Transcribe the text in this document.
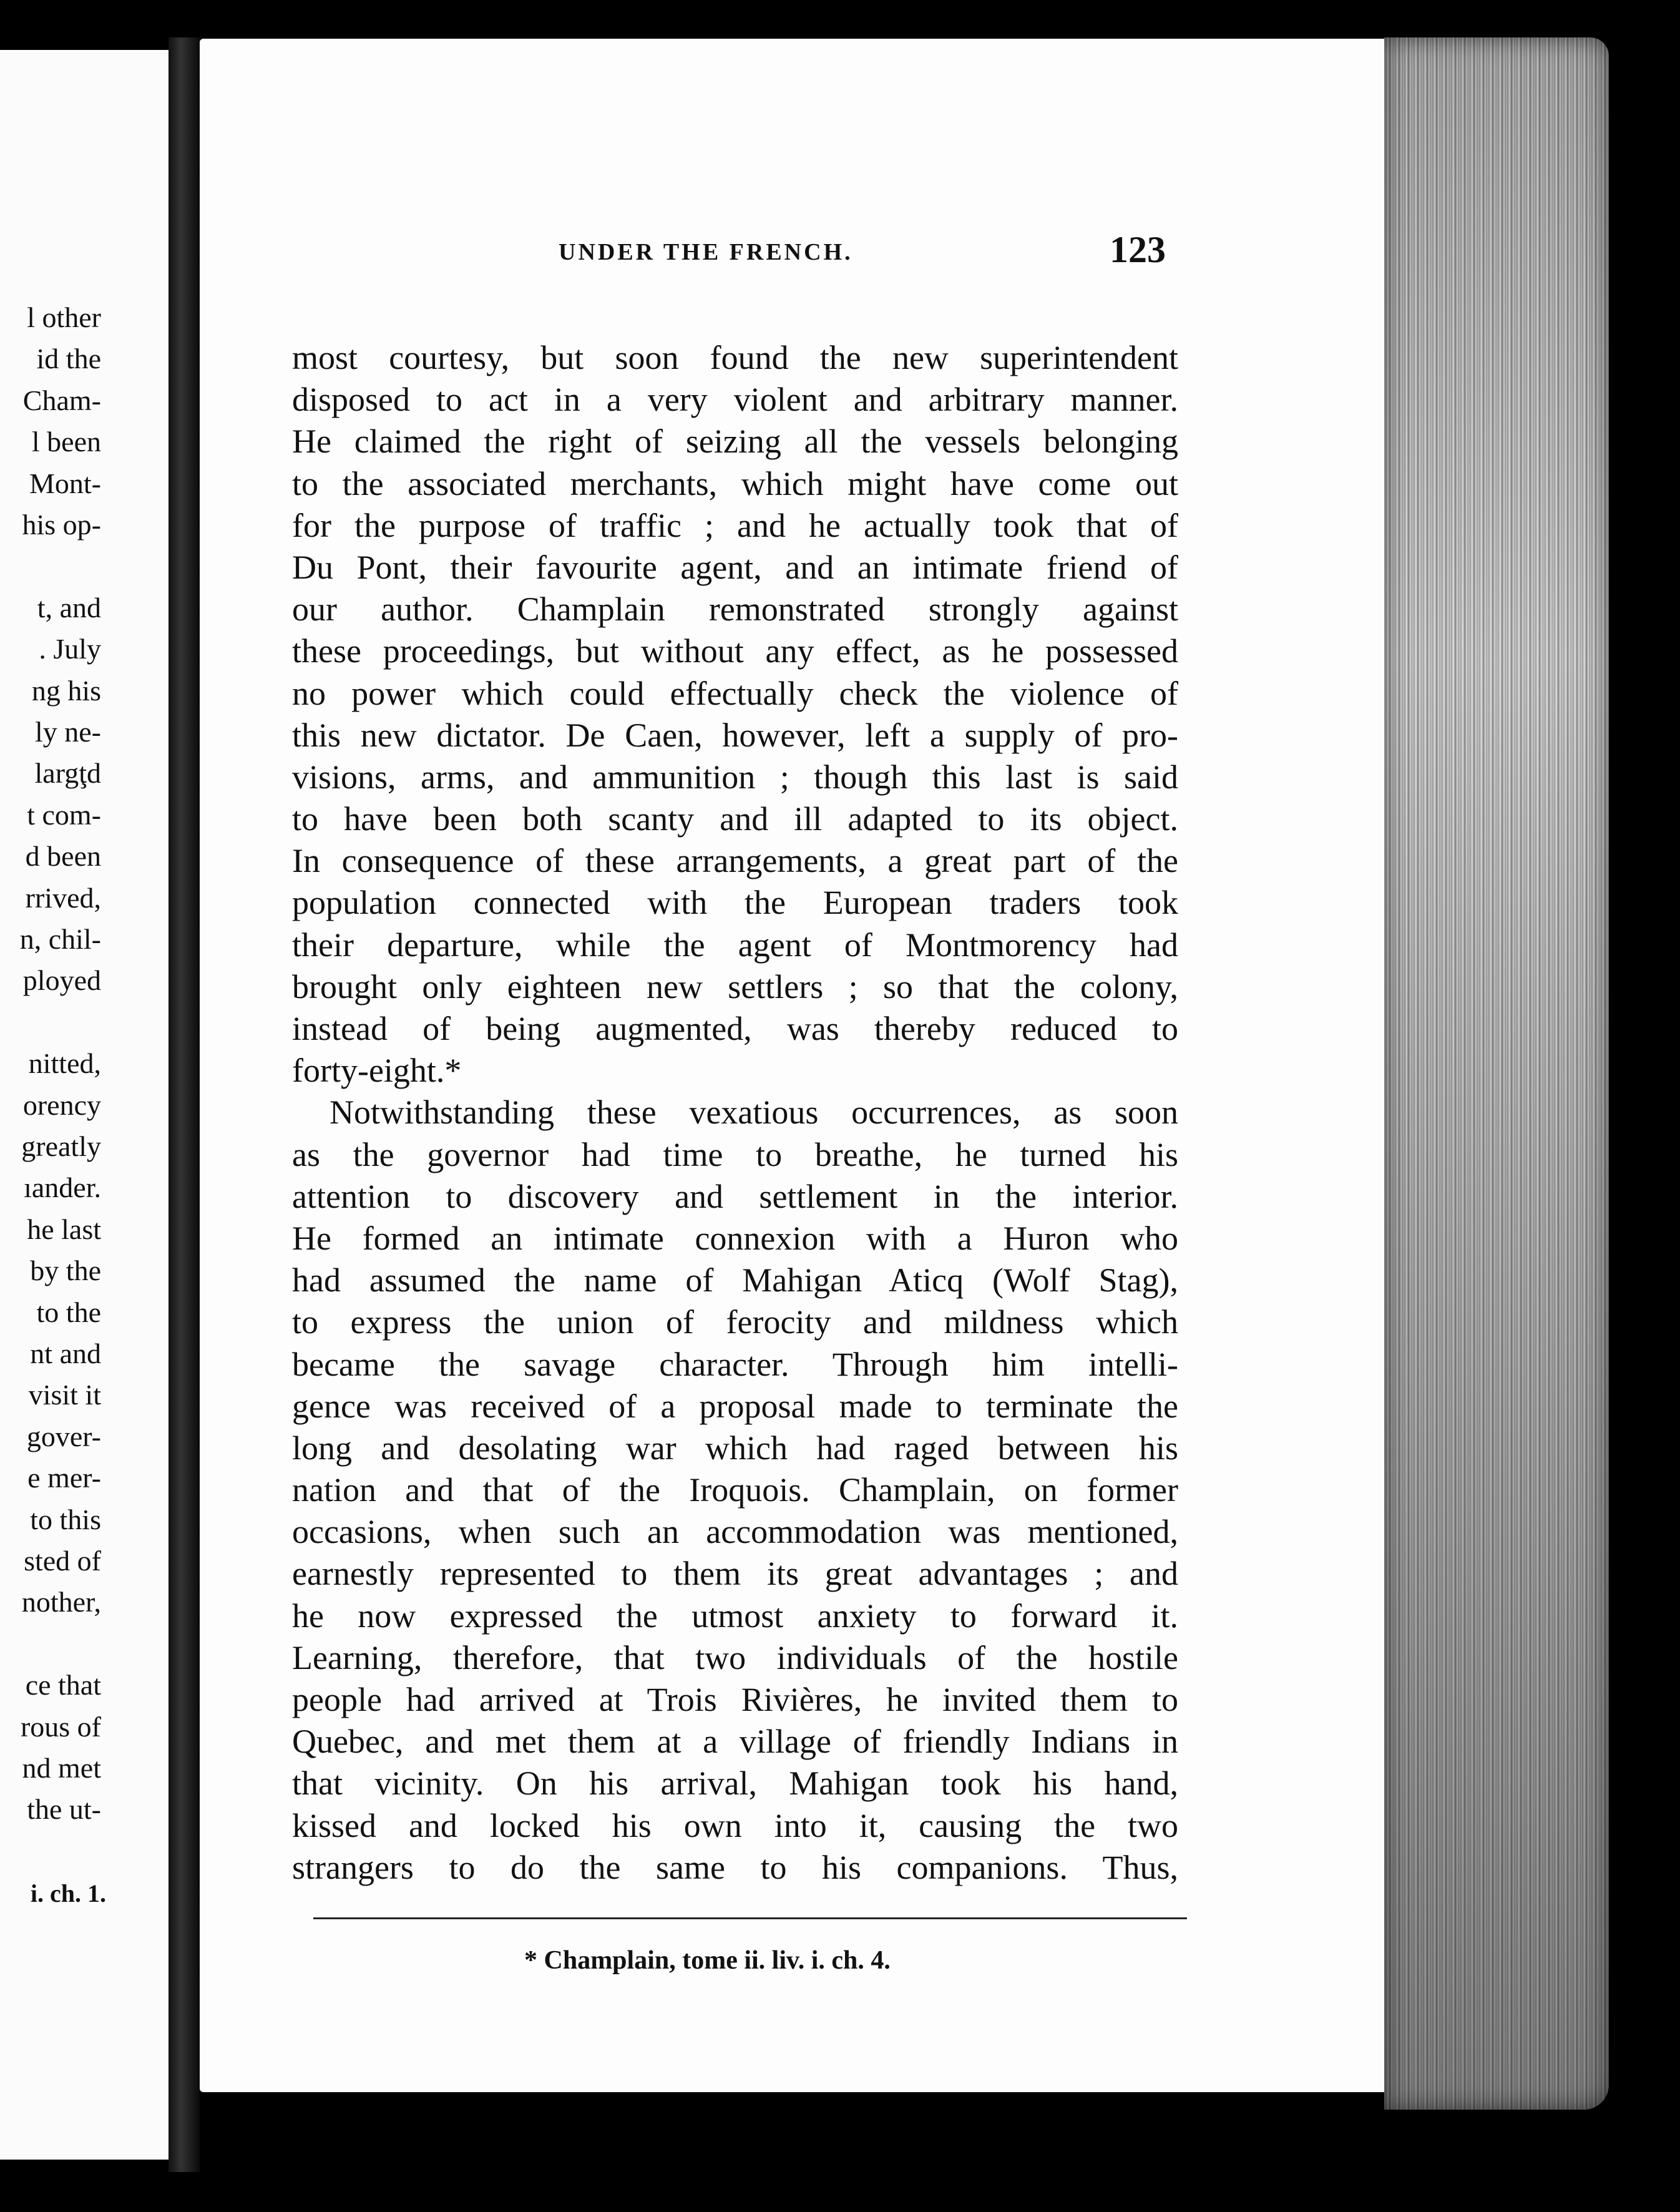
i. ch. 1.
l other
id the
Cham-
l been
Mont-
his op-
t, and
. July
ng his
ly ne-
largţd
t com-
d been
rrived,
n, chil-
ployed
nitted,
orency
greatly
ıander.
he last
by the
to the
nt and
visit it
gover-
e mer-
to this
sted of
nother,
ce that
rous of
nd met
the ut-
UNDER THE FRENCH.	123
most courtesy, but soon found the new superintendent
disposed to act in a very violent and arbitrary manner.
He claimed the right of seizing all the vessels belonging
to the associated merchants, which might have come out
for the purpose of traffic ; and he actually took that of
Du Pont, their favourite agent, and an intimate friend of
our author. Champlain remonstrated strongly against
these proceedings, but without any effect, as he possessed
no power which could effectually check the violence of
this new dictator. De Caen, however, left a supply of pro-
visions, arms, and ammunition ; though this last is said
to have been both scanty and ill adapted to its object.
In consequence of these arrangements, a great part of the
population connected with the European traders took
their departure, while the agent of Montmorency had
brought only eighteen new settlers ; so that the colony,
instead of being augmented, was thereby reduced to
forty-eight.*
Notwithstanding these vexatious occurrences, as soon
as the governor had time to breathe, he turned his
attention to discovery and settlement in the interior.
He formed an intimate connexion with a Huron who
had assumed the name of Mahigan Aticq (Wolf Stag),
to express the union of ferocity and mildness which
became the savage character. Through him intelli-
gence was received of a proposal made to terminate the
long and desolating war which had raged between his
nation and that of the Iroquois. Champlain, on former
occasions, when such an accommodation was mentioned,
earnestly represented to them its great advantages ; and
he now expressed the utmost anxiety to forward it.
Learning, therefore, that two individuals of the hostile
people had arrived at Trois Rivières, he invited them to
Quebec, and met them at a village of friendly Indians in
that vicinity. On his arrival, Mahigan took his hand,
kissed and locked his own into it, causing the two
strangers to do the same to his companions. Thus,
* Champlain, tome ii. liv. i. ch. 4.
